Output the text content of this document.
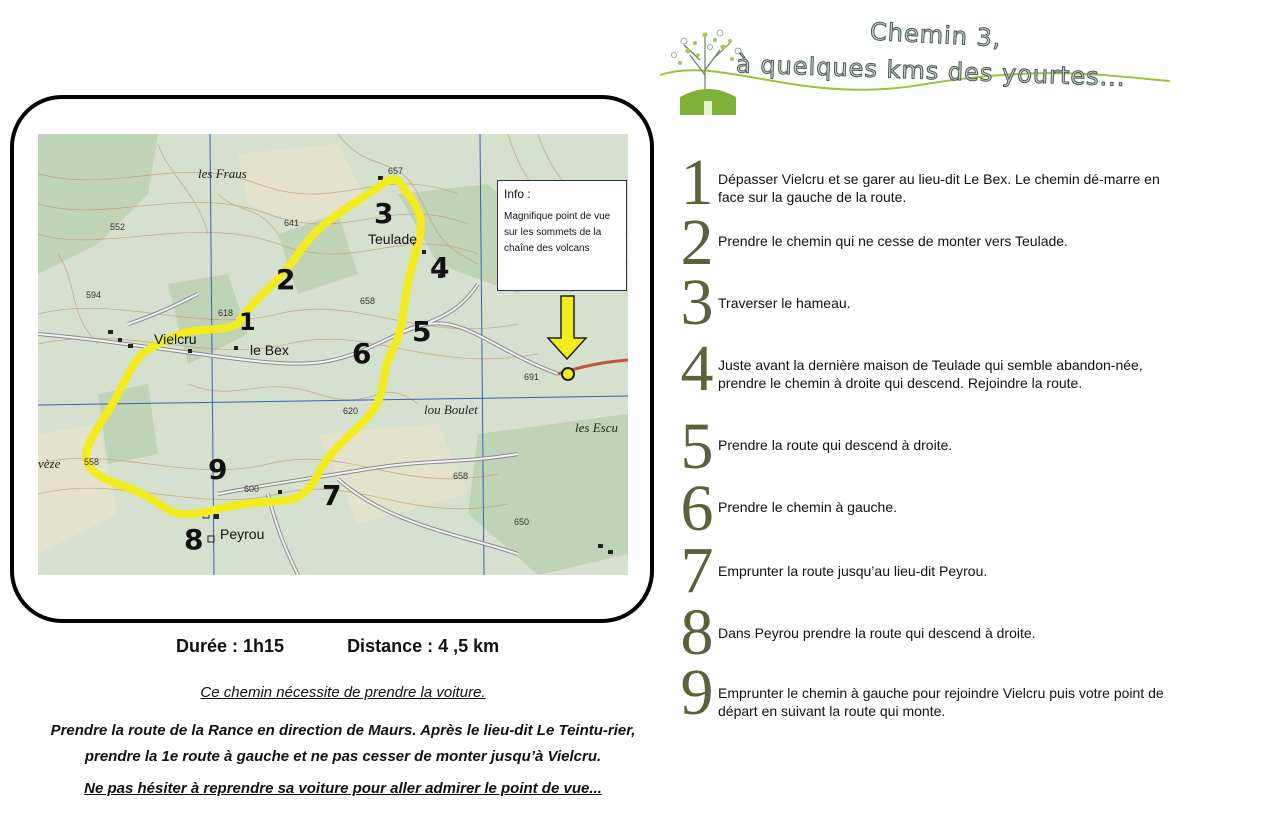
Chemin 3,
à quelques kms des yourtes...
les Fraus
Teulade
Vielcru
le Bex
lou Boulet
les Escu
Peyrou
vèze
657
641
552
594
618
658
691
620
558
600
658
650
1
2
3
4
5
6
7
8
9
Info :
Magnifique point de vue sur les sommets de la chaîne des volcans
Durée : 1h15	Distance : 4 ,5 km
Ce chemin nécessite de prendre la voiture.
Prendre la route de la Rance en direction de Maurs. Après le lieu-dit Le Teintu-rier, prendre la 1e route à gauche et ne pas cesser de monter jusqu’à Vielcru.
Ne pas hésiter à reprendre sa voiture pour aller admirer le point de vue...
1 Dépasser Vielcru et se garer au lieu-dit Le Bex. Le chemin dé-marre en face sur la gauche de la route.
2 Prendre le chemin qui ne cesse de monter vers Teulade.
3 Traverser le hameau.
4 Juste avant la dernière maison de Teulade qui semble abandon-née, prendre le chemin à droite qui descend. Rejoindre la route.
5 Prendre la route qui descend à droite.
6 Prendre le chemin à gauche.
7 Emprunter la route jusqu’au lieu-dit Peyrou.
8 Dans Peyrou prendre la route qui descend à droite.
9 Emprunter le chemin à gauche pour rejoindre Vielcru puis votre point de départ en suivant la route qui monte.
